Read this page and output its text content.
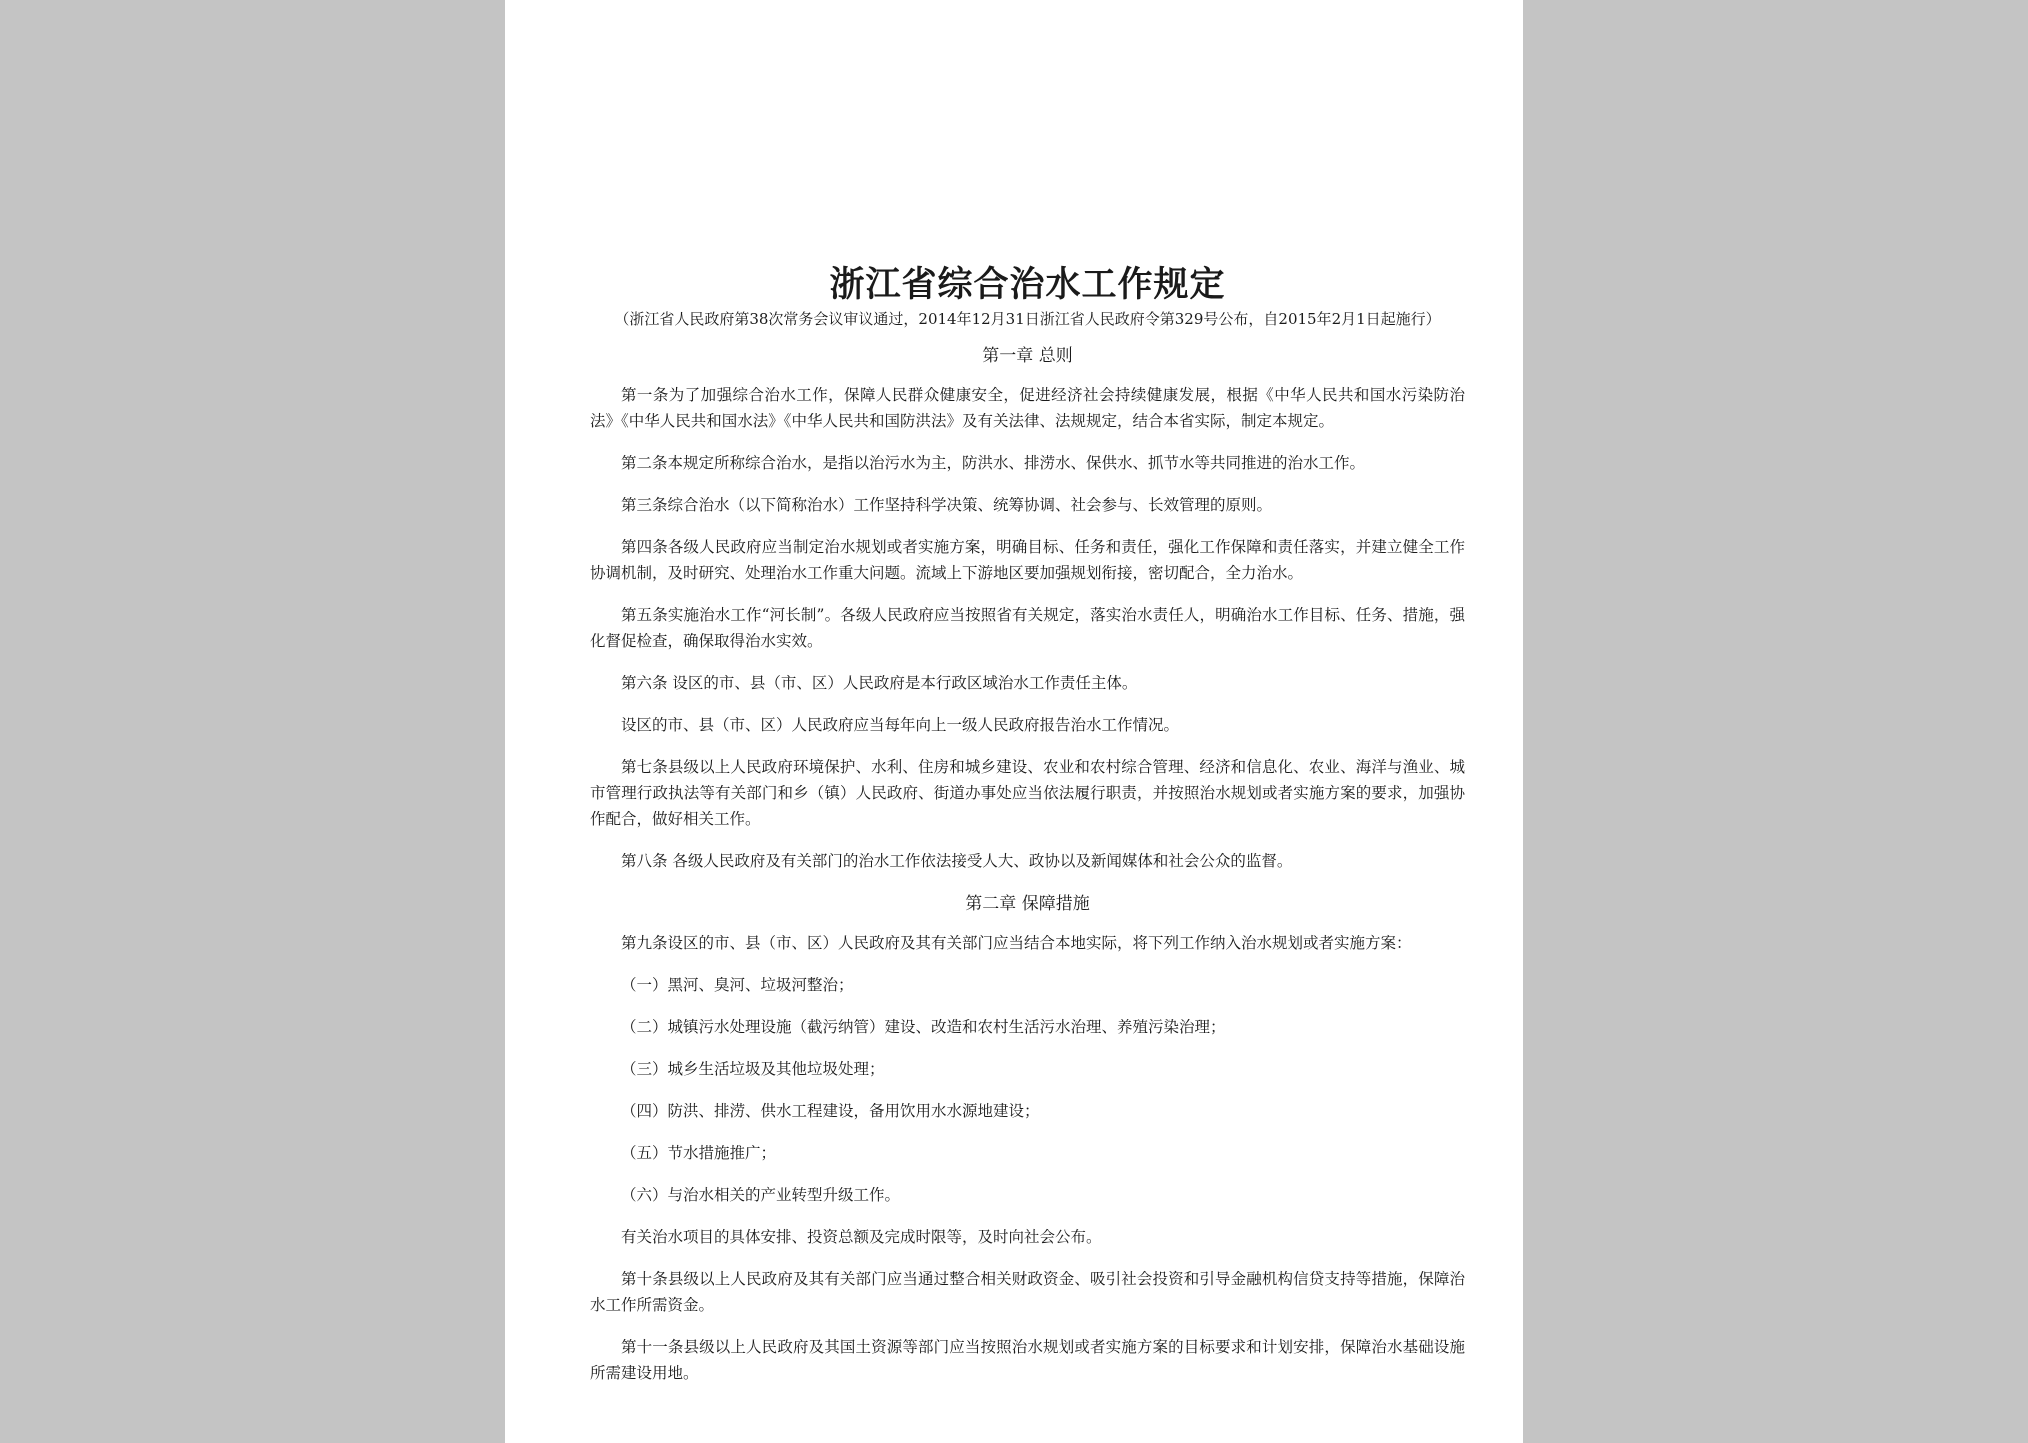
浙江省综合治水工作规定

（浙江省人民政府第38次常务会议审议通过，2014年12月31日浙江省人民政府令第329号公布，自2015年2月1日起施行）

第一章 总则

第一条为了加强综合治水工作，保障人民群众健康安全，促进经济社会持续健康发展，根据《中华人民共和国水污染防治法》《中华人民共和国水法》《中华人民共和国防洪法》及有关法律、法规规定，结合本省实际，制定本规定。

第二条本规定所称综合治水，是指以治污水为主，防洪水、排涝水、保供水、抓节水等共同推进的治水工作。

第三条综合治水（以下简称治水）工作坚持科学决策、统筹协调、社会参与、长效管理的原则。

第四条各级人民政府应当制定治水规划或者实施方案，明确目标、任务和责任，强化工作保障和责任落实，并建立健全工作协调机制，及时研究、处理治水工作重大问题。流域上下游地区要加强规划衔接，密切配合，全力治水。

第五条实施治水工作“河长制”。各级人民政府应当按照省有关规定，落实治水责任人，明确治水工作目标、任务、措施，强化督促检查，确保取得治水实效。

第六条 设区的市、县（市、区）人民政府是本行政区域治水工作责任主体。

设区的市、县（市、区）人民政府应当每年向上一级人民政府报告治水工作情况。

第七条县级以上人民政府环境保护、水利、住房和城乡建设、农业和农村综合管理、经济和信息化、农业、海洋与渔业、城市管理行政执法等有关部门和乡（镇）人民政府、街道办事处应当依法履行职责，并按照治水规划或者实施方案的要求，加强协作配合，做好相关工作。

第八条 各级人民政府及有关部门的治水工作依法接受人大、政协以及新闻媒体和社会公众的监督。

第二章 保障措施

第九条设区的市、县（市、区）人民政府及其有关部门应当结合本地实际，将下列工作纳入治水规划或者实施方案：

（一）黑河、臭河、垃圾河整治；

（二）城镇污水处理设施（截污纳管）建设、改造和农村生活污水治理、养殖污染治理；

（三）城乡生活垃圾及其他垃圾处理；

（四）防洪、排涝、供水工程建设，备用饮用水水源地建设；

（五）节水措施推广；

（六）与治水相关的产业转型升级工作。

有关治水项目的具体安排、投资总额及完成时限等，及时向社会公布。

第十条县级以上人民政府及其有关部门应当通过整合相关财政资金、吸引社会投资和引导金融机构信贷支持等措施，保障治水工作所需资金。

第十一条县级以上人民政府及其国土资源等部门应当按照治水规划或者实施方案的目标要求和计划安排，保障治水基础设施所需建设用地。
